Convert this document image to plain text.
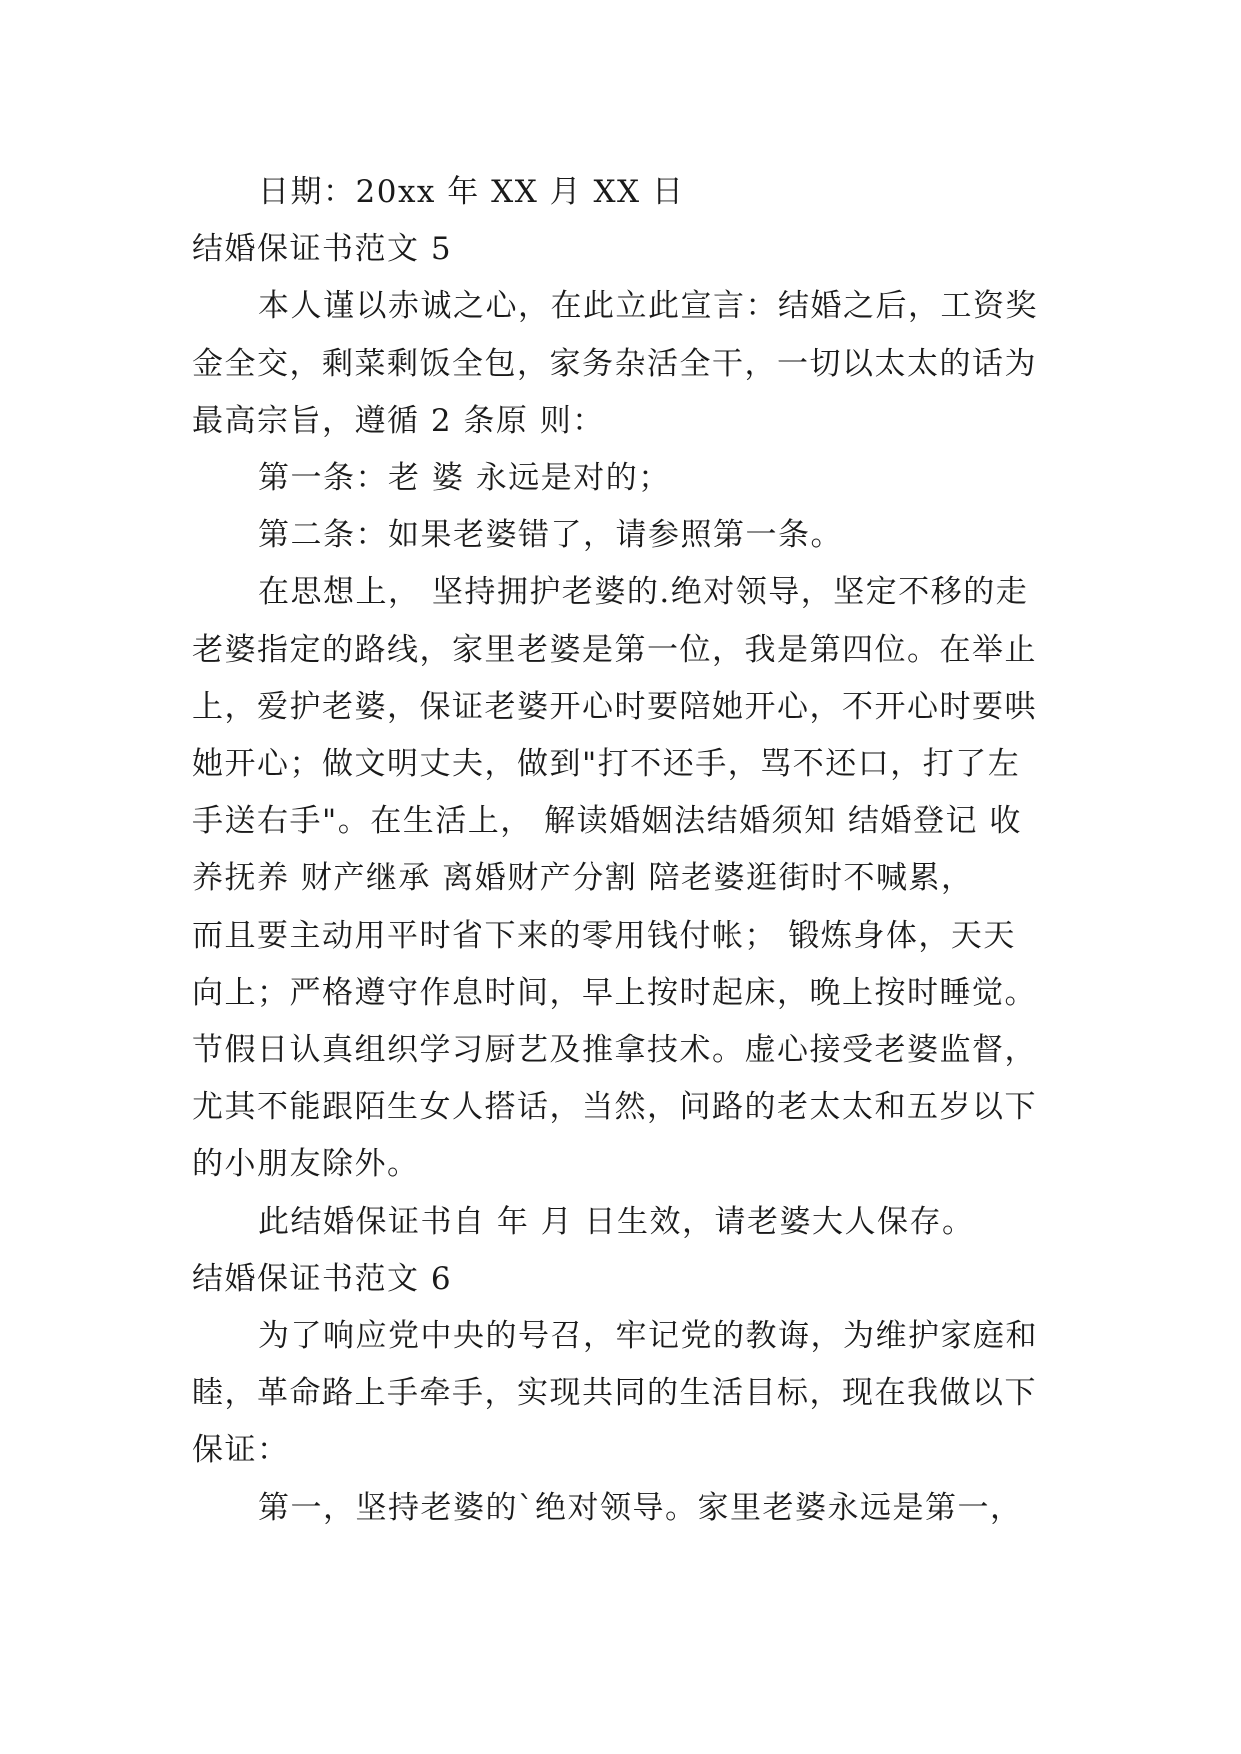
日期：20xx 年 XX 月 XX 日
结婚保证书范文 5
本人谨以赤诚之心，在此立此宣言：结婚之后，工资奖
金全交，剩菜剩饭全包，家务杂活全干，一切以太太的话为
最高宗旨，遵循 2 条原 则：
第一条：老 婆 永远是对的；
第二条：如果老婆错了，请参照第一条。
在思想上， 坚持拥护老婆的.绝对领导，坚定不移的走
老婆指定的路线，家里老婆是第一位，我是第四位。在举止
上，爱护老婆，保证老婆开心时要陪她开心，不开心时要哄
她开心；做文明丈夫，做到"打不还手，骂不还口，打了左
手送右手"。在生活上， 解读婚姻法结婚须知 结婚登记 收
养抚养 财产继承 离婚财产分割 陪老婆逛街时不喊累，
而且要主动用平时省下来的零用钱付帐； 锻炼身体，天天
向上；严格遵守作息时间，早上按时起床，晚上按时睡觉。
节假日认真组织学习厨艺及推拿技术。虚心接受老婆监督，
尤其不能跟陌生女人搭话，当然，问路的老太太和五岁以下
的小朋友除外。
此结婚保证书自 年 月 日生效，请老婆大人保存。
结婚保证书范文 6
为了响应党中央的号召，牢记党的教诲，为维护家庭和
睦，革命路上手牵手，实现共同的生活目标，现在我做以下
保证：
第一，坚持老婆的`绝对领导。家里老婆永远是第一，
